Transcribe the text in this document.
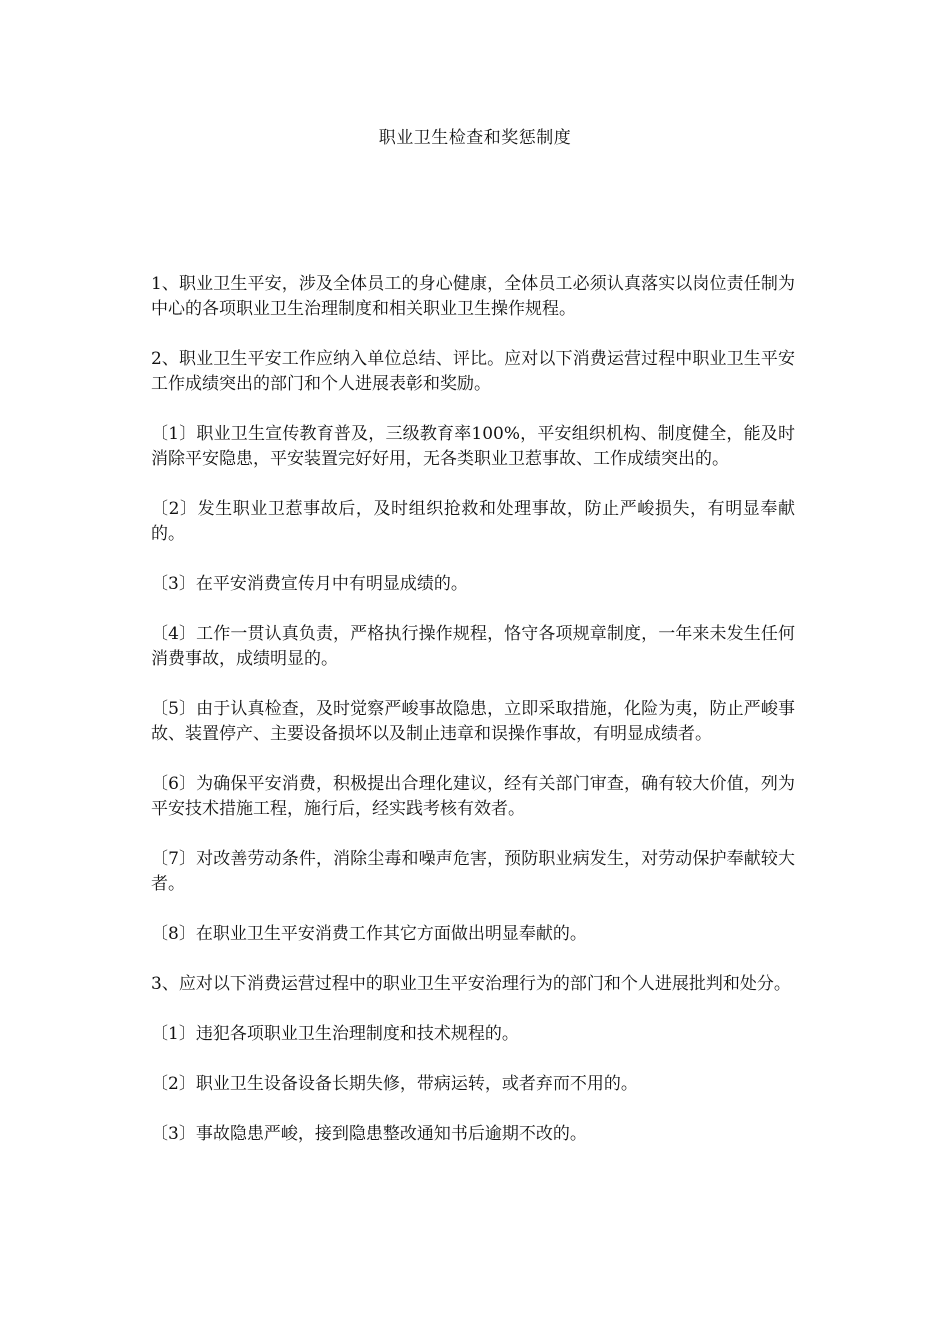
职业卫生检查和奖惩制度

1、职业卫生平安，涉及全体员工的身心健康，全体员工必须认真落实以岗位责任制为中心的各项职业卫生治理制度和相关职业卫生操作规程。

2、职业卫生平安工作应纳入单位总结、评比。应对以下消费运营过程中职业卫生平安工作成绩突出的部门和个人进展表彰和奖励。

〔1〕职业卫生宣传教育普及，三级教育率100%，平安组织机构、制度健全，能及时消除平安隐患，平安装置完好好用，无各类职业卫惹事故、工作成绩突出的。

〔2〕发生职业卫惹事故后，及时组织抢救和处理事故，防止严峻损失，有明显奉献的。

〔3〕在平安消费宣传月中有明显成绩的。

〔4〕工作一贯认真负责，严格执行操作规程，恪守各项规章制度，一年来未发生任何消费事故，成绩明显的。

〔5〕由于认真检查，及时觉察严峻事故隐患，立即采取措施，化险为夷，防止严峻事故、装置停产、主要设备损坏以及制止违章和误操作事故，有明显成绩者。

〔6〕为确保平安消费，积极提出合理化建议，经有关部门审查，确有较大价值，列为平安技术措施工程，施行后，经实践考核有效者。

〔7〕对改善劳动条件，消除尘毒和噪声危害，预防职业病发生，对劳动保护奉献较大者。

〔8〕在职业卫生平安消费工作其它方面做出明显奉献的。

3、应对以下消费运营过程中的职业卫生平安治理行为的部门和个人进展批判和处分。

〔1〕违犯各项职业卫生治理制度和技术规程的。

〔2〕职业卫生设备设备长期失修，带病运转，或者弃而不用的。

〔3〕事故隐患严峻，接到隐患整改通知书后逾期不改的。
